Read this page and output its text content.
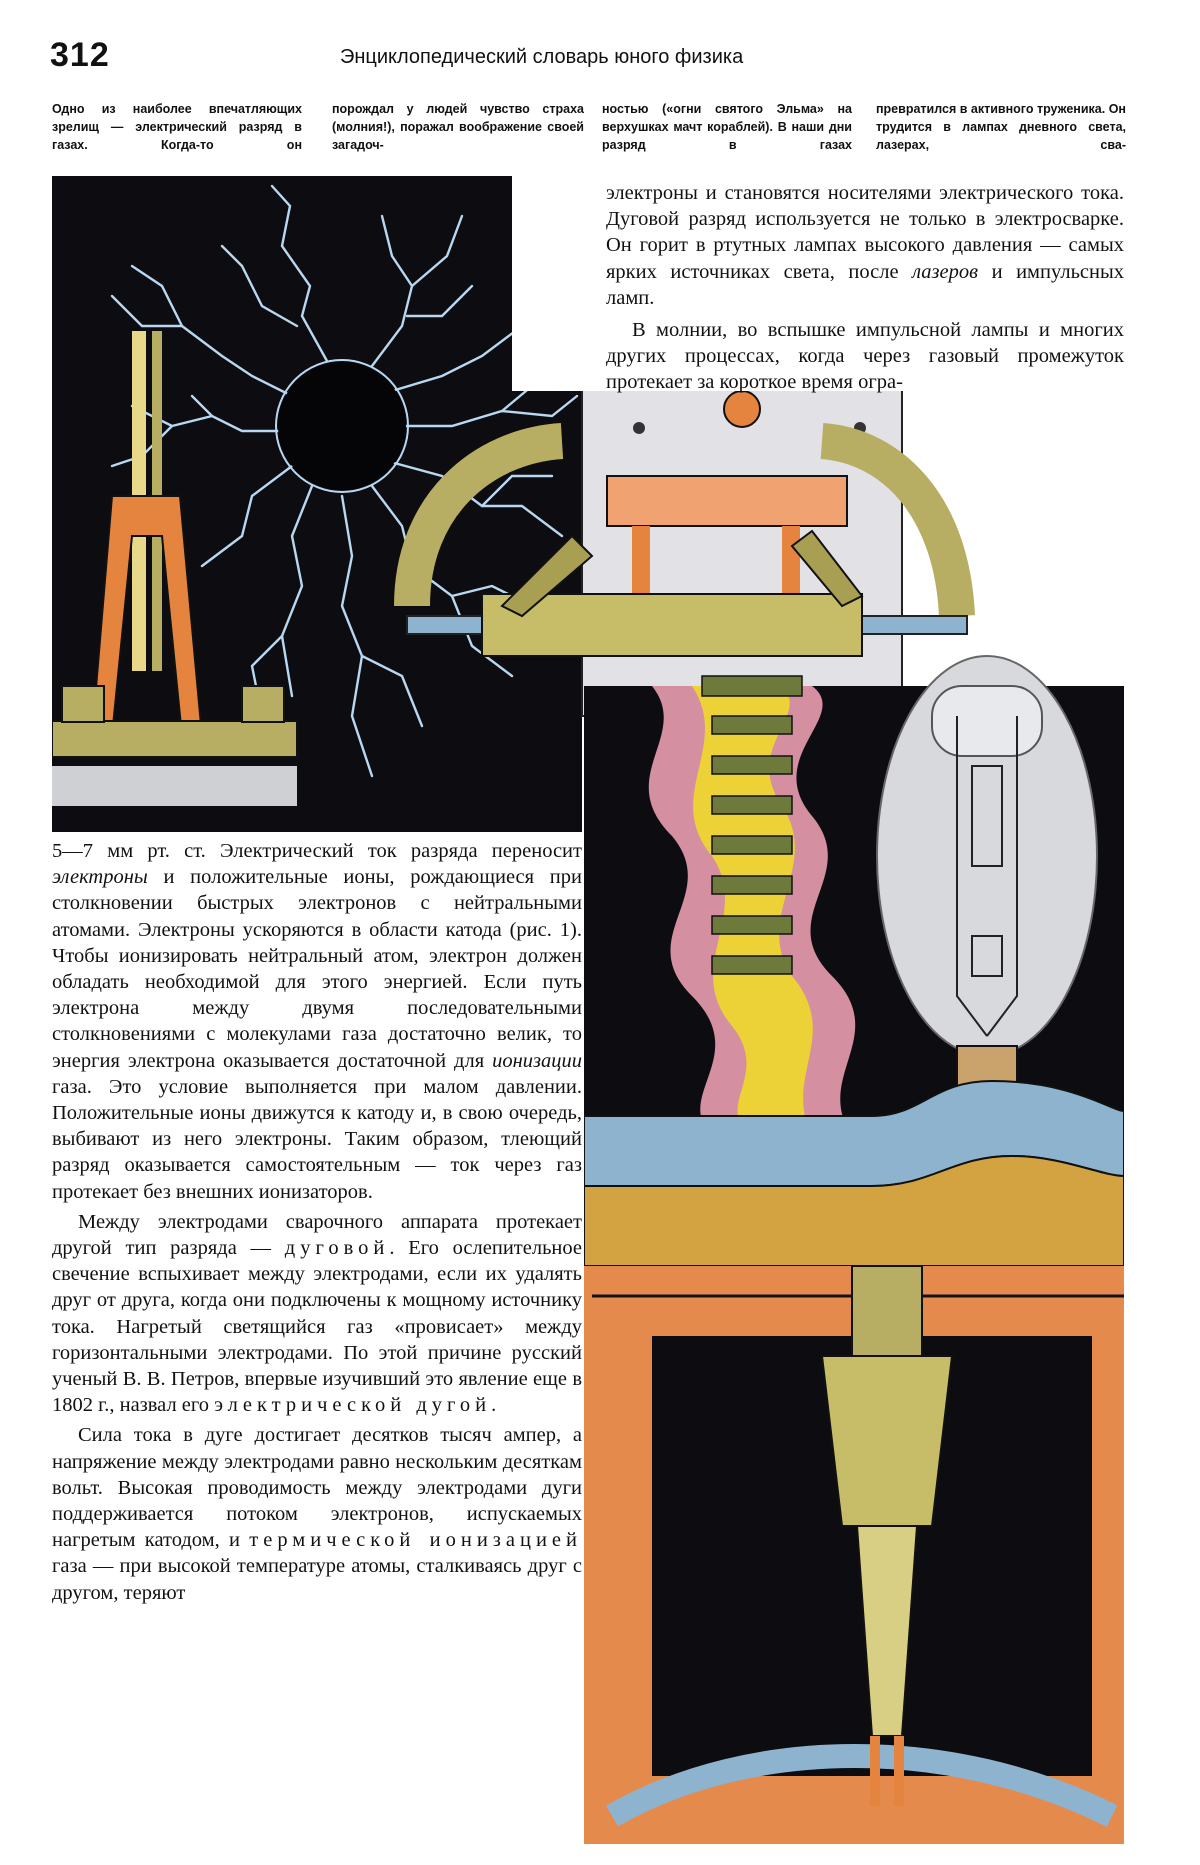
312	Энциклопедический словарь юного физика
Одно из наиболее впечатляющих зрелищ — электрический разряд в газах. Когда-то он
порождал у людей чувство страха (молния!), поражал воображение своей загадоч-
ностью («огни святого Эльма» на верхушках мачт кораблей). В наши дни разряд в газах
превратился в активного труженика. Он трудится в лампах дневного света, лазерах, сва-

электроны и становятся носителями электрического тока. Дуговой разряд используется не только в электросварке. Он горит в ртутных лампах высокого давления — самых ярких источниках света, после лазеров и импульсных ламп.

В молнии, во вспышке импульсной лампы и многих других процессах, когда через газовый промежуток протекает за короткое время огра-

5—7 мм рт. ст. Электрический ток разряда переносит электроны и положительные ионы, рождающиеся при столкновении быстрых электронов с нейтральными атомами. Электроны ускоряются в области катода (рис. 1). Чтобы ионизировать нейтральный атом, электрон должен обладать необходимой для этого энергией. Если путь электрона между двумя последовательными столкновениями с молекулами газа достаточно велик, то энергия электрона оказывается достаточной для ионизации газа. Это условие выполняется при малом давлении. Положительные ионы движутся к катоду и, в свою очередь, выбивают из него электроны. Таким образом, тлеющий разряд оказывается самостоятельным — ток через газ протекает без внешних ионизаторов.

Между электродами сварочного аппарата протекает другой тип разряда — дуговой. Его ослепительное свечение вспыхивает между электродами, если их удалять друг от друга, когда они подключены к мощному источнику тока. Нагретый светящийся газ «провисает» между горизонтальными электродами. По этой причине русский ученый В. В. Петров, впервые изучивший это явление еще в 1802 г., назвал его электрической дугой.

Сила тока в дуге достигает десятков тысяч ампер, а напряжение между электродами равно нескольким десяткам вольт. Высокая проводимость между электродами дуги поддерживается потоком электронов, испускаемых нагретым катодом, и термической ионизацией газа — при высокой температуре атомы, сталкиваясь друг с другом, теряют
